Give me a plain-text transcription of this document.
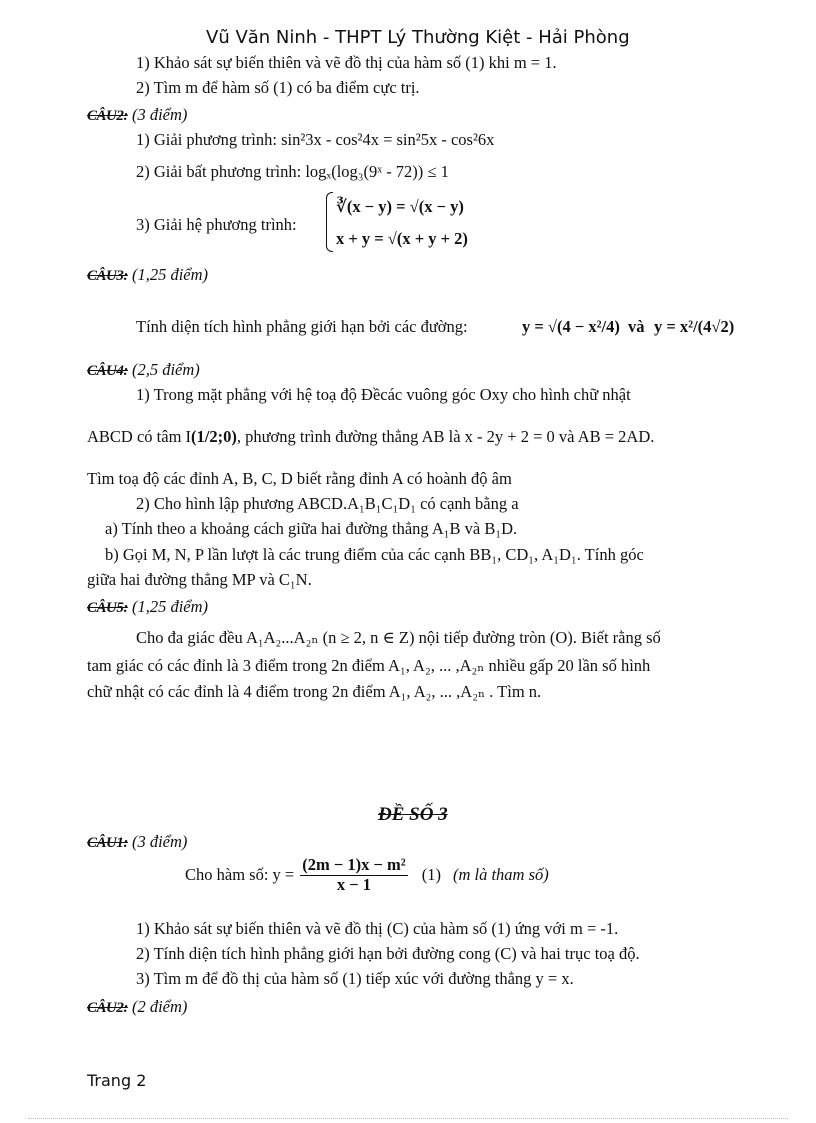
Vũ Văn Ninh - THPT Lý Thường Kiệt - Hải Phòng
1) Khảo sát sự biến thiên và vẽ đồ thị của hàm số (1) khi m = 1.
2) Tìm m để hàm số (1) có ba điểm cực trị.
CÂU2: (3 điểm)
1) Giải phương trình: sin²3x - cos²4x = sin²5x - cos²6x
2) Giải bất phương trình: logₓ(log₃(9ˣ - 72)) ≤ 1
3) Giải hệ phương trình:
∛(x − y) = √(x − y)
x + y = √(x + y + 2)
CÂU3: (1,25 điểm)
Tính diện tích hình phẳng giới hạn bởi các đường:	y = √(4 − x²/4) và y = x²/(4√2)
CÂU4: (2,5 điểm)
1) Trong mặt phẳng với hệ toạ độ Đềcác vuông góc Oxy cho hình chữ nhật
ABCD có tâm I(1/2;0), phương trình đường thẳng AB là x - 2y + 2 = 0 và AB = 2AD.
Tìm toạ độ các đỉnh A, B, C, D biết rằng đỉnh A có hoành độ âm
2) Cho hình lập phương ABCD.A₁B₁C₁D₁ có cạnh bằng a
a) Tính theo a khoảng cách giữa hai đường thẳng A₁B và B₁D.
b) Gọi M, N, P lần lượt là các trung điểm của các cạnh BB₁, CD₁, A₁D₁. Tính góc
giữa hai đường thẳng MP và C₁N.
CÂU5: (1,25 điểm)
Cho đa giác đều A₁A₂...A₂ₙ (n ≥ 2, n ∈ Z) nội tiếp đường tròn (O). Biết rằng số
tam giác có các đỉnh là 3 điểm trong 2n điểm A₁, A₂, ... ,A₂ₙ nhiều gấp 20 lần số hình
chữ nhật có các đỉnh là 4 điểm trong 2n điểm A₁, A₂, ... ,A₂ₙ . Tìm n.
ĐỀ SỐ 3
CÂU1: (3 điểm)
Cho hàm số: $y = \frac{\text{(2m − 1)x − m²}}{x - 1} (1)$ (m là tham số)
1) Khảo sát sự biến thiên và vẽ đồ thị (C) của hàm số (1) ứng với m = -1.
2) Tính diện tích hình phẳng giới hạn bởi đường cong (C) và hai trục toạ độ.
3) Tìm m để đồ thị của hàm số (1) tiếp xúc với đường thẳng y = x.
CÂU2: (2 điểm)
Trang 2
